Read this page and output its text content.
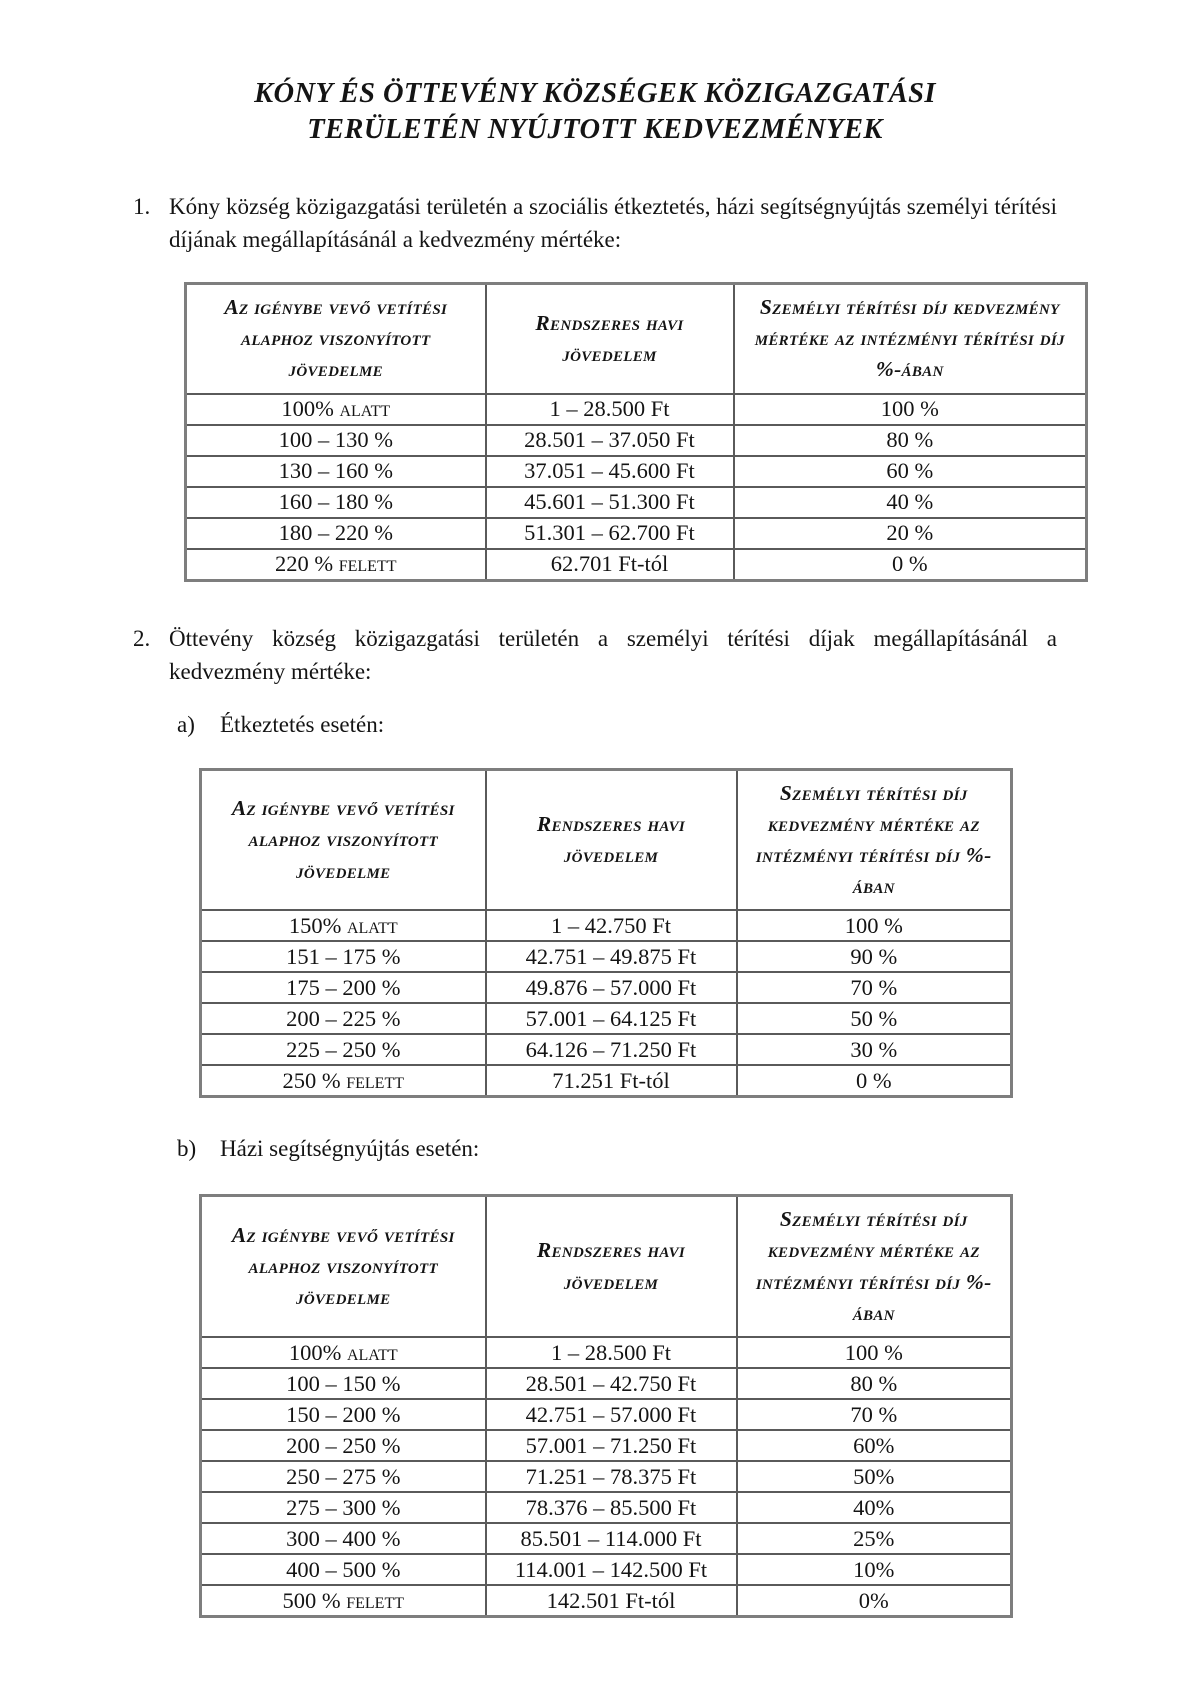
KÓNY ÉS ÖTTEVÉNY KÖZSÉGEK KÖZIGAZGATÁSI
TERÜLETÉN NYÚJTOTT KEDVEZMÉNYEK
1. Kóny község közigazgatási területén a szociális étkeztetés, házi segítségnyújtás személyi térítési díjának megállapításánál a kedvezmény mértéke:
Az igénybe vevő vetítési alaphoz viszonyított jövedelme	Rendszeres havi jövedelem	Személyi térítési díj kedvezmény mértéke az intézményi térítési díj %-ában
100% alatt	1 – 28.500 Ft	100 %
100 – 130 %	28.501 – 37.050 Ft	80 %
130 – 160 %	37.051 – 45.600 Ft	60 %
160 – 180 %	45.601 – 51.300 Ft	40 %
180 – 220 %	51.301 – 62.700 Ft	20 %
220 % felett	62.701 Ft-tól	0 %
2. Öttevény község közigazgatási területén a személyi térítési díjak megállapításánál a kedvezmény mértéke:
a)	Étkeztetés esetén:
Az igénybe vevő vetítési alaphoz viszonyított jövedelme	Rendszeres havi jövedelem	Személyi térítési díj kedvezmény mértéke az intézményi térítési díj %-ában
150% alatt	1 – 42.750 Ft	100 %
151 – 175 %	42.751 – 49.875 Ft	90 %
175 – 200 %	49.876 – 57.000 Ft	70 %
200 – 225 %	57.001 – 64.125 Ft	50 %
225 – 250 %	64.126 – 71.250 Ft	30 %
250 % felett	71.251 Ft-tól	0 %
b)	Házi segítségnyújtás esetén:
Az igénybe vevő vetítési alaphoz viszonyított jövedelme	Rendszeres havi jövedelem	Személyi térítési díj kedvezmény mértéke az intézményi térítési díj %-ában
100% alatt	1 – 28.500 Ft	100 %
100 – 150 %	28.501 – 42.750 Ft	80 %
150 – 200 %	42.751 – 57.000 Ft	70 %
200 – 250 %	57.001 – 71.250 Ft	60%
250 – 275 %	71.251 – 78.375 Ft	50%
275 – 300 %	78.376 – 85.500 Ft	40%
300 – 400 %	85.501 – 114.000 Ft	25%
400 – 500 %	114.001 – 142.500 Ft	10%
500 % felett	142.501 Ft-tól	0%
